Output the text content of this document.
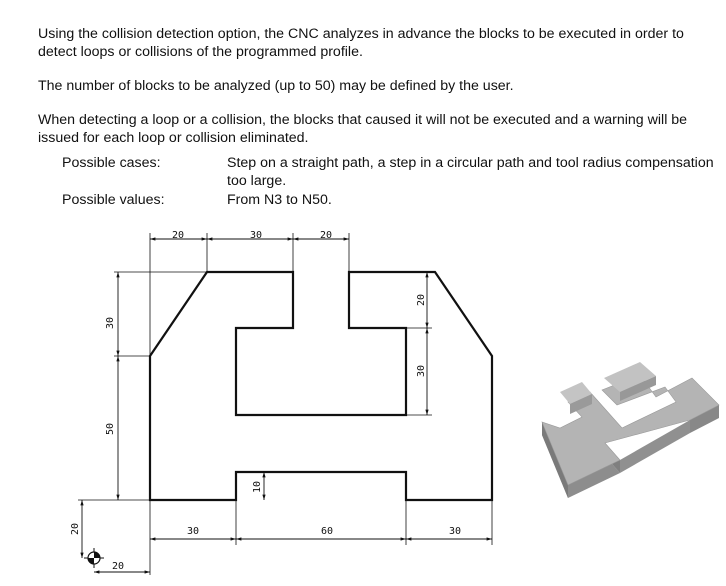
Using the collision detection option, the CNC analyzes in advance the blocks to be executed in order to detect loops or collisions of the programmed profile.

The number of blocks to be analyzed (up to 50) may be defined by the user.

When detecting a loop or a collision, the blocks that caused it will not be executed and a warning will be issued for each loop or collision eliminated.

Possible cases:	Step on a straight path, a step in a circular path and tool radius compensation too large.
Possible values:	From N3 to N50.
20	30	20
30
50
20
30
10
30	60	30
20
20
